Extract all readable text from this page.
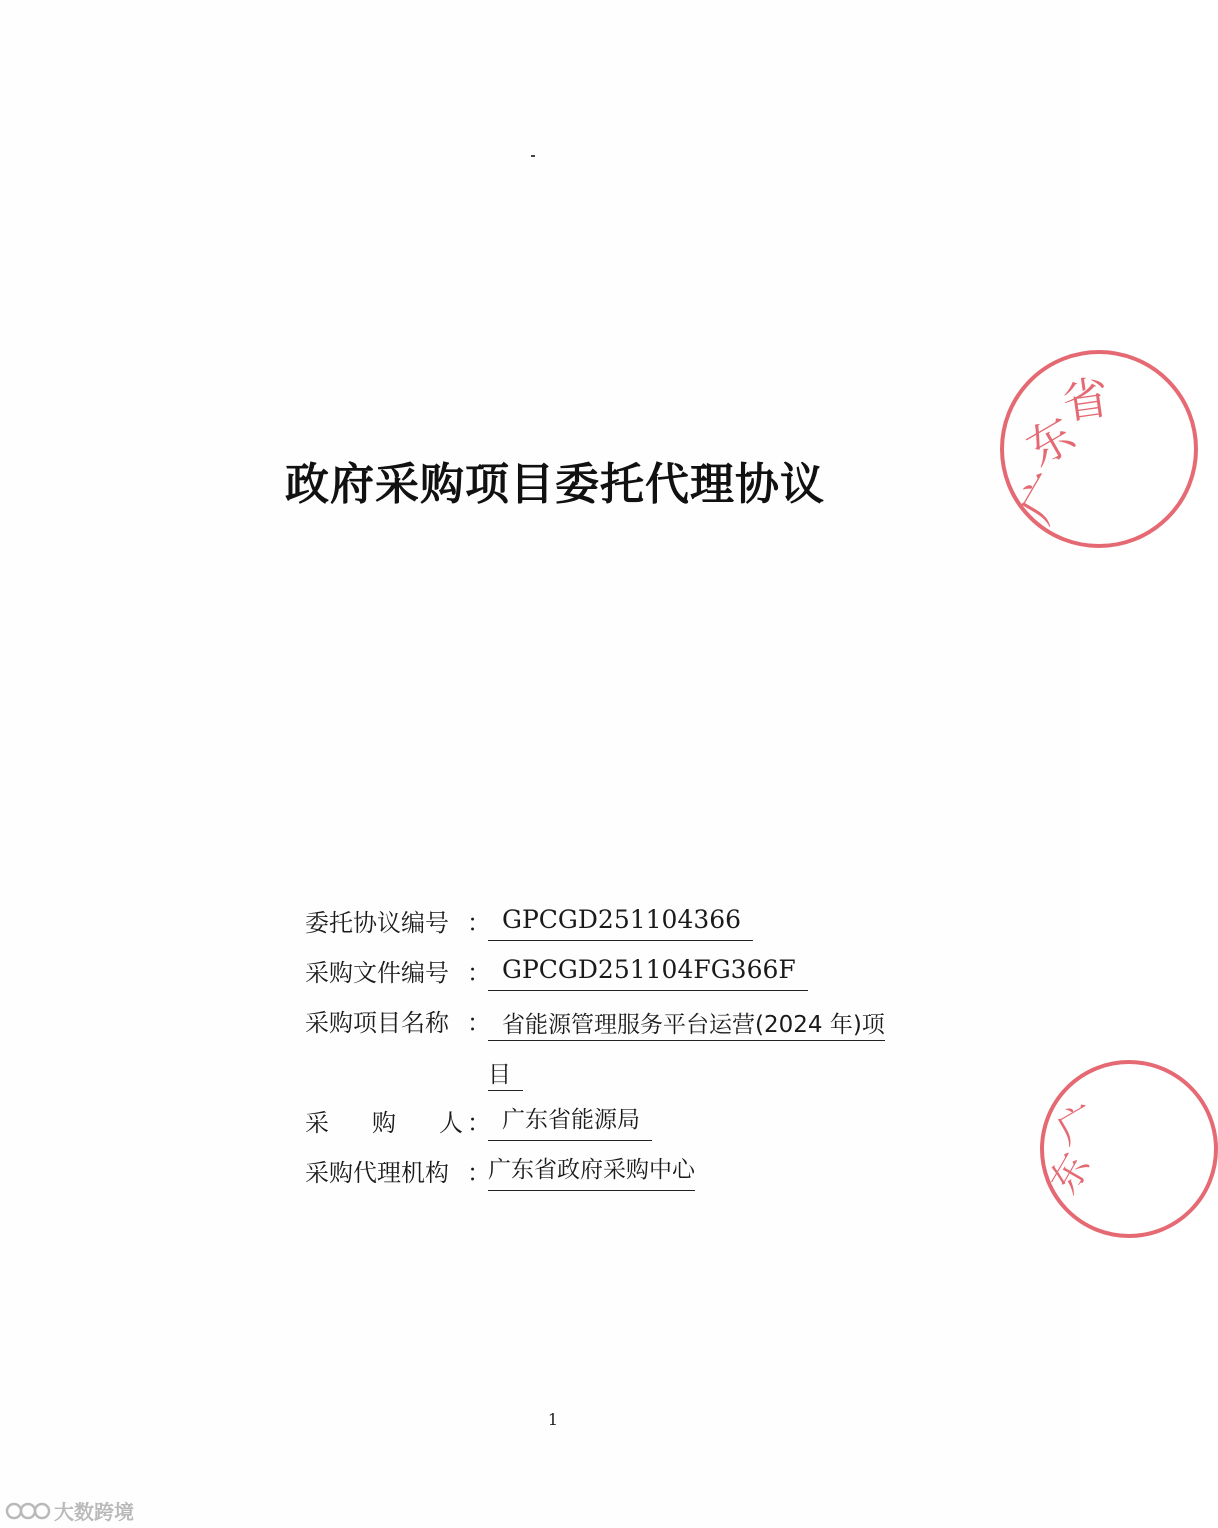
政府采购项目委托代理协议
委托协议编号 ： GPCGD251104366
采购文件编号 ： GPCGD251104FG366F
采购项目名称 ： 省能源管理服务平台运营(2024 年)项
目
采 购 人 ： 广东省能源局
采购代理机构 ：
广东省政府采购中心
1
广
东
省
广
东
大数跨境
